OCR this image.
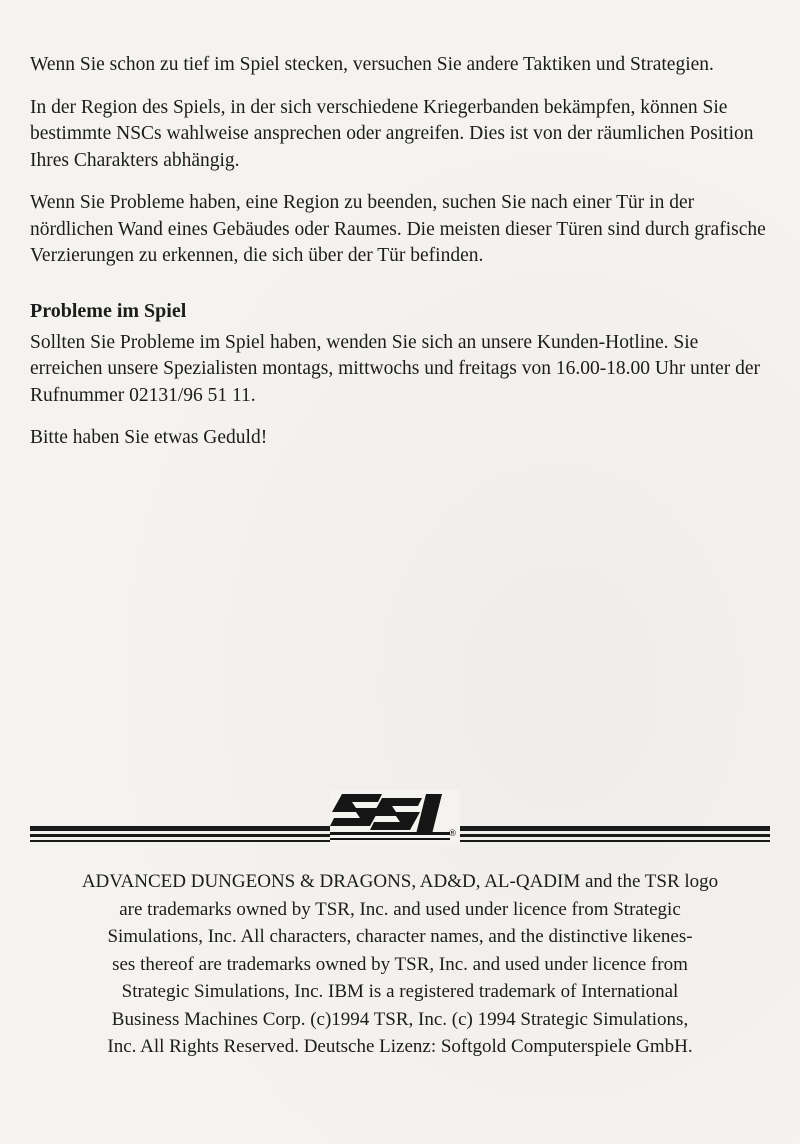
Wenn Sie schon zu tief im Spiel stecken, versuchen Sie andere Taktiken und Strategien.

In der Region des Spiels, in der sich verschiedene Kriegerbanden bekämpfen, können Sie bestimmte NSCs wahlweise ansprechen oder angreifen. Dies ist von der räumlichen Position Ihres Charakters abhängig.

Wenn Sie Probleme haben, eine Region zu beenden, suchen Sie nach einer Tür in der nördlichen Wand eines Gebäudes oder Raumes. Die meisten dieser Türen sind durch grafische Verzierungen zu erkennen, die sich über der Tür befinden.

Probleme im Spiel

Sollten Sie Probleme im Spiel haben, wenden Sie sich an unsere Kunden-Hotline. Sie erreichen unsere Spezialisten montags, mittwochs und freitags von 16.00-18.00 Uhr unter der Rufnummer 02131/96 51 11.

Bitte haben Sie etwas Geduld!

®

ADVANCED DUNGEONS & DRAGONS, AD&D, AL-QADIM and the TSR logo

are trademarks owned by TSR, Inc. and used under licence from Strategic

Simulations, Inc. All characters, character names, and the distinctive likenes-

ses thereof are trademarks owned by TSR, Inc. and used under licence from

Strategic Simulations, Inc. IBM is a registered trademark of International

Business Machines Corp. (c)1994 TSR, Inc. (c) 1994 Strategic Simulations,

Inc. All Rights Reserved. Deutsche Lizenz: Softgold Computerspiele GmbH.
